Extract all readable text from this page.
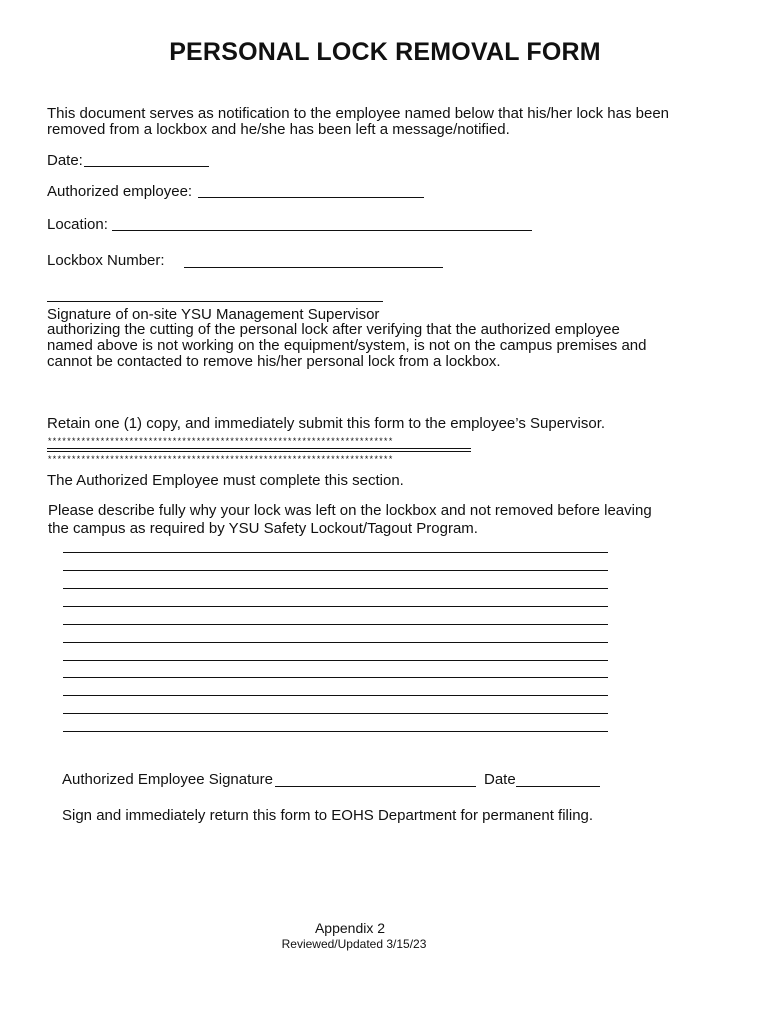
PERSONAL LOCK REMOVAL FORM
This document serves as notification to the employee named below that his/her lock has been
removed from a lockbox and he/she has been left a message/notified.
Date:
Authorized employee:
Location:
Lockbox Number:
Signature of on-site YSU Management Supervisor
authorizing the cutting of the personal lock after verifying that the authorized employee
named above is not working on the equipment/system, is not on the campus premises and
cannot be contacted to remove his/her personal lock from a lockbox.
Retain one (1) copy, and immediately submit this form to the employee’s Supervisor.
************************************************************************
************************************************************************
The Authorized Employee must complete this section.
Please describe fully why your lock was left on the lockbox and not removed before leaving
the campus as required by YSU Safety Lockout/Tagout Program.
Authorized Employee Signature	Date
Sign and immediately return this form to EOHS Department for permanent filing.
Appendix 2
Reviewed/Updated 3/15/23
